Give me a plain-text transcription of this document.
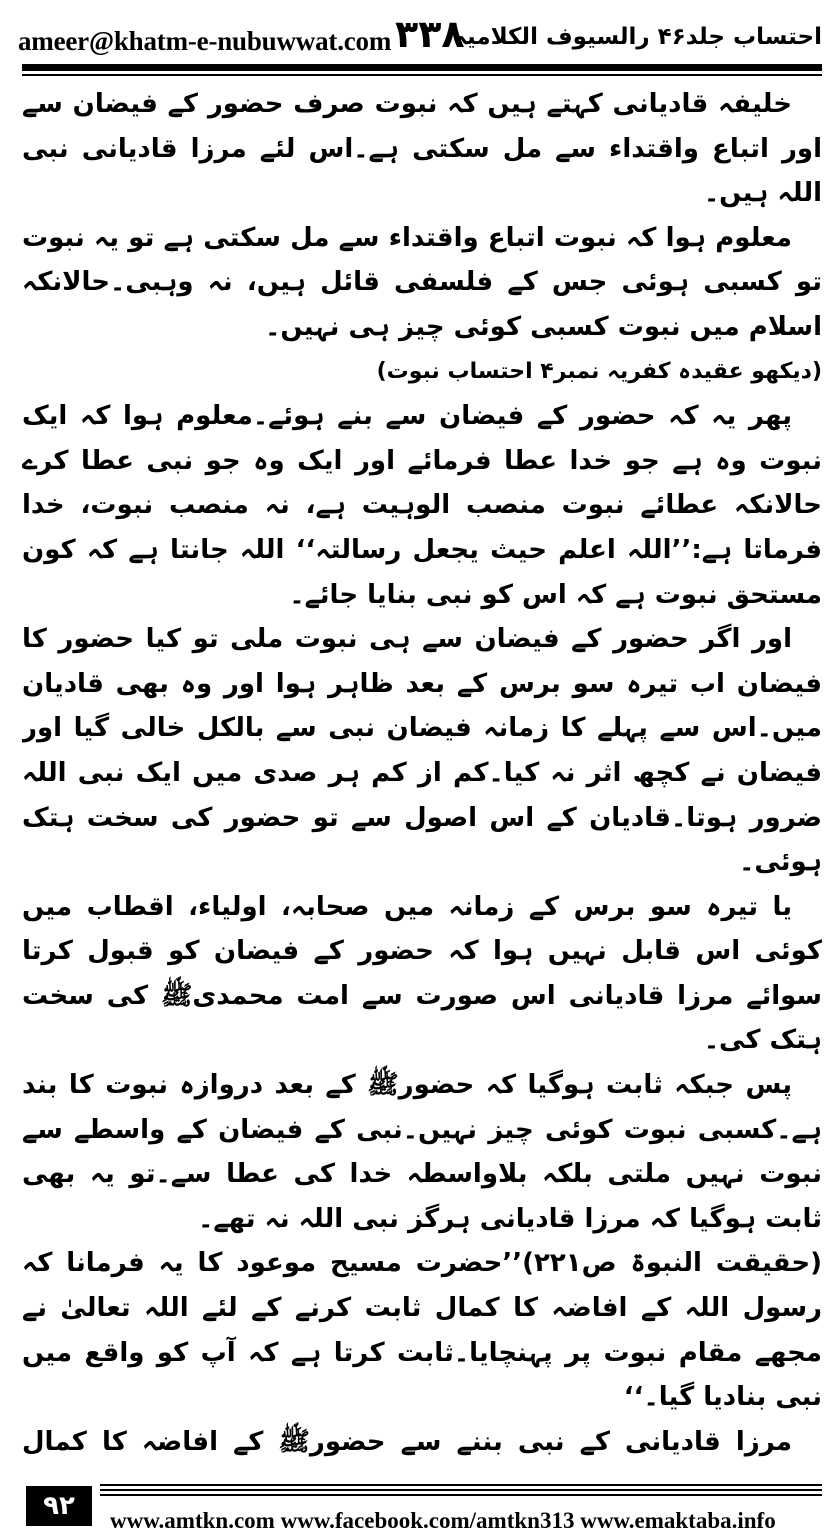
ameer@khatm-e-nubuwwat.com ۳۳۸
احتساب جلد۴۶ رالسیوف الکلامیہ

خلیفہ قادیانی کہتے ہیں کہ نبوت صرف حضور کے فیضان سے اور اتباع واقتداء سے مل سکتی ہے۔اس لئے مرزا قادیانی نبی اللہ ہیں۔

معلوم ہوا کہ نبوت اتباع واقتداء سے مل سکتی ہے تو یہ نبوت تو کسبی ہوئی جس کے فلسفی قائل ہیں، نہ وہبی۔حالانکہ اسلام میں نبوت کسبی کوئی چیز ہی نہیں۔

(دیکھو عقیدہ کفریہ نمبر۴ احتساب نبوت)

پھر یہ کہ حضور کے فیضان سے بنے ہوئے۔معلوم ہوا کہ ایک نبوت وہ ہے جو خدا عطا فرمائے اور ایک وہ جو نبی عطا کرے حالانکہ عطائے نبوت منصب الوہیت ہے، نہ منصب نبوت، خدا فرماتا ہے:’’اللہ اعلم حیث یجعل رسالتہ‘‘ اللہ جانتا ہے کہ کون مستحق نبوت ہے کہ اس کو نبی بنایا جائے۔

اور اگر حضور کے فیضان سے ہی نبوت ملی تو کیا حضور کا فیضان اب تیرہ سو برس کے بعد ظاہر ہوا اور وہ بھی قادیان میں۔اس سے پہلے کا زمانہ فیضان نبی سے بالکل خالی گیا اور فیضان نے کچھ اثر نہ کیا۔کم از کم ہر صدی میں ایک نبی اللہ ضرور ہوتا۔قادیان کے اس اصول سے تو حضور کی سخت ہتک ہوئی۔

یا تیرہ سو برس کے زمانہ میں صحابہ، اولیاء، اقطاب میں کوئی اس قابل نہیں ہوا کہ حضور کے فیضان کو قبول کرتا سوائے مرزا قادیانی اس صورت سے امت محمدیﷺ کی سخت ہتک کی۔

پس جبکہ ثابت ہوگیا کہ حضورﷺ کے بعد دروازہ نبوت کا بند ہے۔کسبی نبوت کوئی چیز نہیں۔نبی کے فیضان کے واسطے سے نبوت نہیں ملتی بلکہ بلاواسطہ خدا کی عطا سے۔تو یہ بھی ثابت ہوگیا کہ مرزا قادیانی ہرگز نبی اللہ نہ تھے۔

(حقیقت النبوۃ ص۲۲۱)’’حضرت مسیح موعود کا یہ فرمانا کہ رسول اللہ کے افاضہ کا کمال ثابت کرنے کے لئے اللہ تعالیٰ نے مجھے مقام نبوت پر پہنچایا۔ثابت کرتا ہے کہ آپ کو واقع میں نبی بنادیا گیا۔‘‘

مرزا قادیانی کے نبی بننے سے حضورﷺ کے افاضہ کا کمال

۹۲	www.amtkn.com www.facebook.com/amtkn313 www.emaktaba.info
